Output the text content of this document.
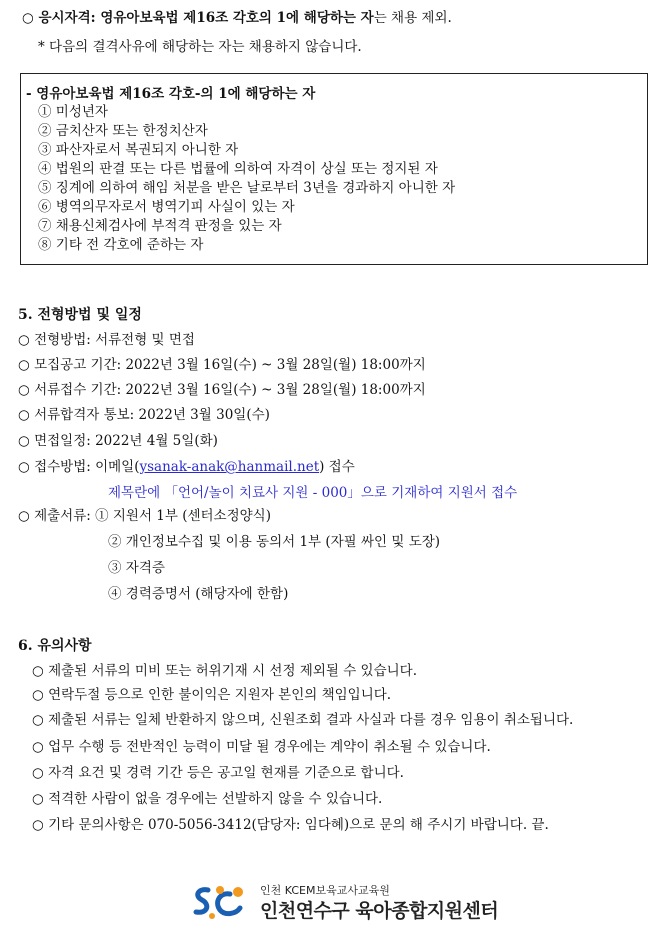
○ 응시자격: 영유아보육법 제16조 각호의 1에 해당하는 자는 채용 제외.
* 다음의 결격사유에 해당하는 자는 채용하지 않습니다.
- 영유아보육법 제16조 각호-의 1에 해당하는 자
① 미성년자
② 금치산자 또는 한정치산자
③ 파산자로서 복권되지 아니한 자
④ 법원의 판결 또는 다른 법률에 의하여 자격이 상실 또는 정지된 자
⑤ 징계에 의하여 해임 처분을 받은 날로부터 3년을 경과하지 아니한 자
⑥ 병역의무자로서 병역기피 사실이 있는 자
⑦ 채용신체검사에 부적격 판정을 있는 자
⑧ 기타 전 각호에 준하는 자
5. 전형방법 및 일정
○ 전형방법: 서류전형 및 면접
○ 모집공고 기간: 2022년 3월 16일(수) ~ 3월 28일(월) 18:00까지
○ 서류접수 기간: 2022년 3월 16일(수) ~ 3월 28일(월) 18:00까지
○ 서류합격자 통보: 2022년 3월 30일(수)
○ 면접일정: 2022년 4월 5일(화)
○ 접수방법: 이메일(ysanak-anak@hanmail.net) 접수
제목란에 「언어/놀이 치료사 지원 - 000」으로 기재하여 지원서 접수
○ 제출서류: ① 지원서 1부 (센터소정양식)
② 개인정보수집 및 이용 동의서 1부 (자필 싸인 및 도장)
③ 자격증
④ 경력증명서 (해당자에 한함)
6. 유의사항
○ 제출된 서류의 미비 또는 허위기재 시 선정 제외될 수 있습니다.
○ 연락두절 등으로 인한 불이익은 지원자 본인의 책임입니다.
○ 제출된 서류는 일체 반환하지 않으며, 신원조회 결과 사실과 다를 경우 임용이 취소됩니다.
○ 업무 수행 등 전반적인 능력이 미달 될 경우에는 계약이 취소될 수 있습니다.
○ 자격 요건 및 경력 기간 등은 공고일 현재를 기준으로 합니다.
○ 적격한 사람이 없을 경우에는 선발하지 않을 수 있습니다.
○ 기타 문의사항은 070-5056-3412(담당자: 임다혜)으로 문의 해 주시기 바랍니다. 끝.
인천 KCEM보육교사교육원
인천연수구 육아종합지원센터
